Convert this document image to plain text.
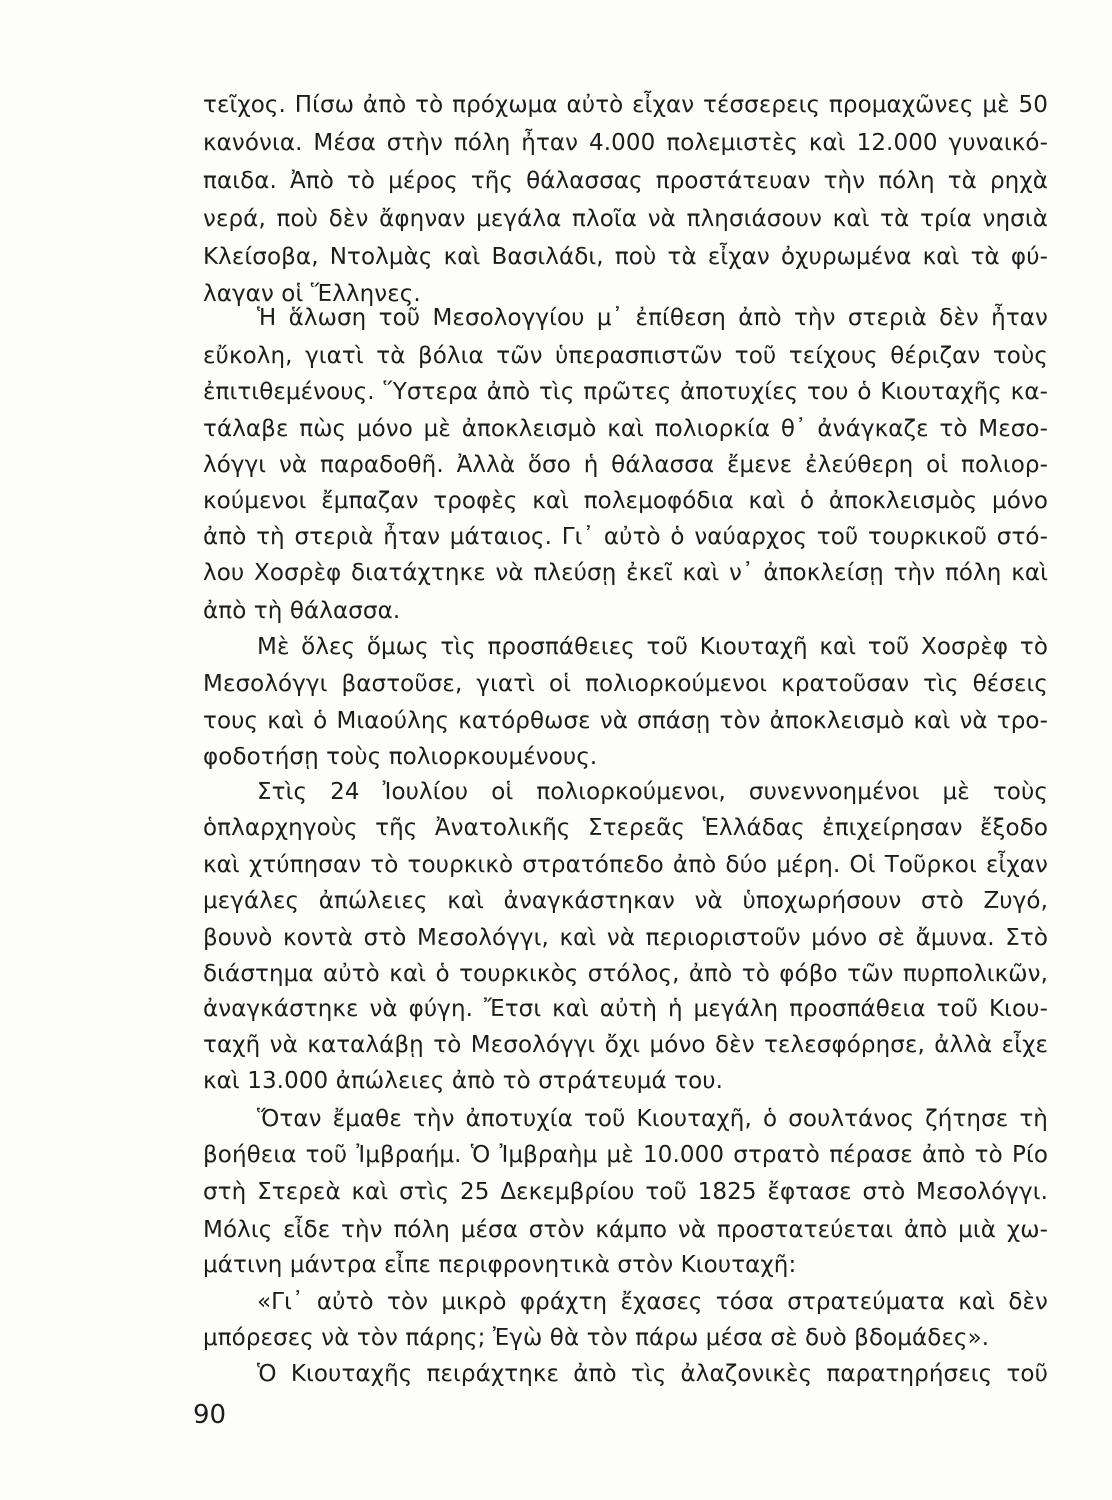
τεῖχος. Πίσω ἀπὸ τὸ πρόχωμα αὐτὸ εἶχαν τέσσερεις προμαχῶνες μὲ 50
κανόνια. Μέσα στὴν πόλη ἦταν 4.000 πολεμιστὲς καὶ 12.000 γυναικό-
παιδα. Ἀπὸ τὸ μέρος τῆς θάλασσας προστάτευαν τὴν πόλη τὰ ρηχὰ
νερά, ποὺ δὲν ἄφηναν μεγάλα πλοῖα νὰ πλησιάσουν καὶ τὰ τρία νησιὰ
Κλείσοβα, Ντολμὰς καὶ Βασιλάδι, ποὺ τὰ εἶχαν ὀχυρωμένα καὶ τὰ φύ-
λαγαν οἱ Ἕλληνες.
Ἡ ἅλωση τοῦ Μεσολογγίου μ᾿ ἐπίθεση ἀπὸ τὴν στεριὰ δὲν ἦταν
εὔκολη, γιατὶ τὰ βόλια τῶν ὑπερασπιστῶν τοῦ τείχους θέριζαν τοὺς
ἐπιτιθεμένους. Ὕστερα ἀπὸ τὶς πρῶτες ἀποτυχίες του ὁ Κιουταχῆς κα-
τάλαβε πὼς μόνο μὲ ἀποκλεισμὸ καὶ πολιορκία θ᾿ ἀνάγκαζε τὸ Μεσο-
λόγγι νὰ παραδοθῆ. Ἀλλὰ ὅσο ἡ θάλασσα ἔμενε ἐλεύθερη οἱ πολιορ-
κούμενοι ἔμπαζαν τροφὲς καὶ πολεμοφόδια καὶ ὁ ἀποκλεισμὸς μόνο
ἀπὸ τὴ στεριὰ ἦταν μάταιος. Γι᾿ αὐτὸ ὁ ναύαρχος τοῦ τουρκικοῦ στό-
λου Χοσρὲφ διατάχτηκε νὰ πλεύσῃ ἐκεῖ καὶ ν᾿ ἀποκλείσῃ τὴν πόλη καὶ
ἀπὸ τὴ θάλασσα.
Μὲ ὅλες ὅμως τὶς προσπάθειες τοῦ Κιουταχῆ καὶ τοῦ Χοσρὲφ τὸ
Μεσολόγγι βαστοῦσε, γιατὶ οἱ πολιορκούμενοι κρατοῦσαν τὶς θέσεις
τους καὶ ὁ Μιαούλης κατόρθωσε νὰ σπάσῃ τὸν ἀποκλεισμὸ καὶ νὰ τρο-
φοδοτήσῃ τοὺς πολιορκουμένους.
Στὶς 24 Ἰουλίου οἱ πολιορκούμενοι, συνεννοημένοι μὲ τοὺς
ὁπλαρχηγοὺς τῆς Ἀνατολικῆς Στερεᾶς Ἑλλάδας ἐπιχείρησαν ἔξοδο
καὶ χτύπησαν τὸ τουρκικὸ στρατόπεδο ἀπὸ δύο μέρη. Οἱ Τοῦρκοι εἶχαν
μεγάλες ἀπώλειες καὶ ἀναγκάστηκαν νὰ ὑποχωρήσουν στὸ Ζυγό,
βουνὸ κοντὰ στὸ Μεσολόγγι, καὶ νὰ περιοριστοῦν μόνο σὲ ἄμυνα. Στὸ
διάστημα αὐτὸ καὶ ὁ τουρκικὸς στόλος, ἀπὸ τὸ φόβο τῶν πυρπολικῶν,
ἀναγκάστηκε νὰ φύγη. Ἔτσι καὶ αὐτὴ ἡ μεγάλη προσπάθεια τοῦ Κιου-
ταχῆ νὰ καταλάβῃ τὸ Μεσολόγγι ὄχι μόνο δὲν τελεσφόρησε, ἀλλὰ εἶχε
καὶ 13.000 ἀπώλειες ἀπὸ τὸ στράτευμά του.
Ὅταν ἔμαθε τὴν ἀποτυχία τοῦ Κιουταχῆ, ὁ σουλτάνος ζήτησε τὴ
βοήθεια τοῦ Ἰμβραήμ. Ὁ Ἰμβραὴμ μὲ 10.000 στρατὸ πέρασε ἀπὸ τὸ Ρίο
στὴ Στερεὰ καὶ στὶς 25 Δεκεμβρίου τοῦ 1825 ἔφτασε στὸ Μεσολόγγι.
Μόλις εἶδε τὴν πόλη μέσα στὸν κάμπο νὰ προστατεύεται ἀπὸ μιὰ χω-
μάτινη μάντρα εἶπε περιφρονητικὰ στὸν Κιουταχῆ:
«Γι᾿ αὐτὸ τὸν μικρὸ φράχτη ἔχασες τόσα στρατεύματα καὶ δὲν
μπόρεσες νὰ τὸν πάρης; Ἐγὼ θὰ τὸν πάρω μέσα σὲ δυὸ βδομάδες».
Ὁ Κιουταχῆς πειράχτηκε ἀπὸ τὶς ἀλαζονικὲς παρατηρήσεις τοῦ
90
